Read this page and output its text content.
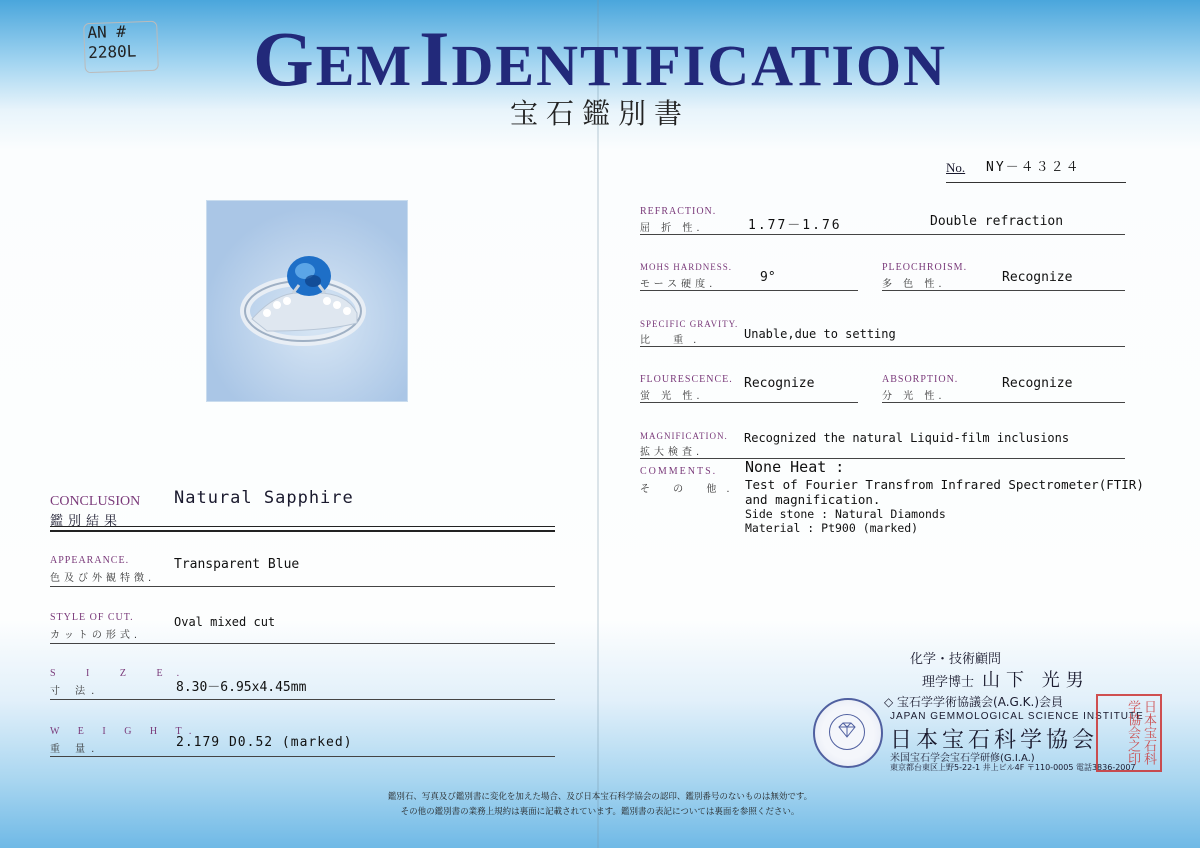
AN #
2280L	GEM IDENTIFICATION
宝石鑑別書
No. NY－４３２４
CONCLUSION
鑑別結果
Natural Sapphire
APPEARANCE.
色及び外観特徴.
Transparent Blue
STYLE OF CUT.
カットの形式.
Oval mixed cut
S I Z E.
寸 法.	8.30－6.95x4.45mm
W E I G H T.
重 量.	2.179 D0.52 (marked)
REFRACTION.
屈 折 性.	1.77－1.76	Double refraction
MOHS HARDNESS.
モース硬度.	9°
PLEOCHROISM.
多 色 性.	Recognize
SPECIFIC GRAVITY.
比 重.	Unable,due to setting
FLOURESCENCE.
蛍 光 性.
Recognize	ABSORPTION.
分 光 性.
Recognize
MAGNIFICATION.
拡大検査.
Recognized the natural Liquid-film inclusions
COMMENTS.
そ の 他.
None Heat :
Test of Fourier Transfrom Infrared Spectrometer(FTIR)
and magnification.
Side stone : Natural Diamonds
Material : Pt900 (marked)
化学・技術顧問
理学博士 山下 光男
◇ 宝石学学術協議会(A.G.K.)会員
JAPAN GEMMOLOGICAL SCIENCE INSTITUTE
日本宝石科学協会
米国宝石学会宝石学研修(G.I.A.)
東京都台東区上野5-22-1 井上ビル4F 〒110-0005 電話3836-2007
日本宝石科学協会之印
鑑別石、写真及び鑑別書に変化を加えた場合、及び日本宝石科学協会の認印、鑑別番号のないものは無効です。
その他の鑑別書の業務上規約は裏面に記載されています。鑑別書の表記については裏面を参照ください。
